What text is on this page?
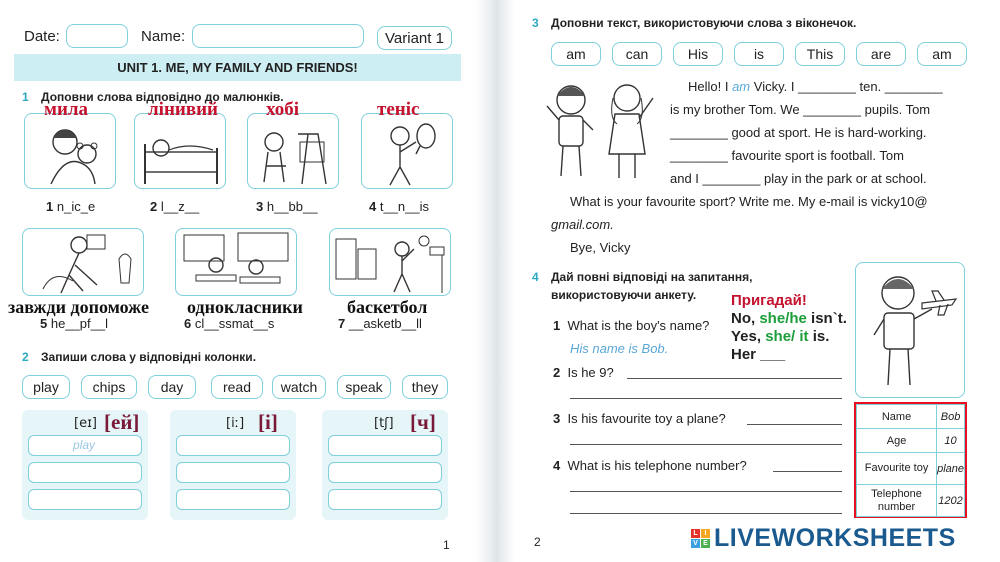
Date:	Name:	Variant 1
UNIT 1. ME, MY FAMILY AND FRIENDS!
1 Доповни слова відповідно до малюнків.
мила	лінивий	хобі	теніс
1 n_ic_e	2 l__z__	3 h__bb__	4 t__n__is
завжди допоможе однокласники баскетбол
5 he__pf__l	6 cl__ssmat__s	7 __asketb__ll
2 Запиши слова у відповідні колонки.
play	chips	day	read	watch	speak	they
[eɪ] [ей]
play
[iː] [і]	[tʃ] [ч]
1
3 Доповни текст, використовуючи слова з віконечок.
am	can	His	is	This	are	am
Hello! I am Vicky. I ________ ten. ________
is my brother Tom. We ________ pupils. Tom
________ good at sport. He is hard-working.
________ favourite sport is football. Tom
and I ________ play in the park or at school.
What is your favourite sport? Write me. My e-mail is vicky10@
gmail.com.
Bye, Vicky
4 Дай повні відповіді на запитання,
використовуючи анкету. Пригадай!
No, she/he isn`t.
Yes, she/ it is.
Her ___
1 What is the boy's name?
His name is Bob.
2 Is he 9?
3 Is his favourite toy a plane?
4 What is his telephone number?
Name	Bob
Age	10
Favourite toy	plane
Telephone number	1202
2
L I
V E LIVEWORKSHEETS
